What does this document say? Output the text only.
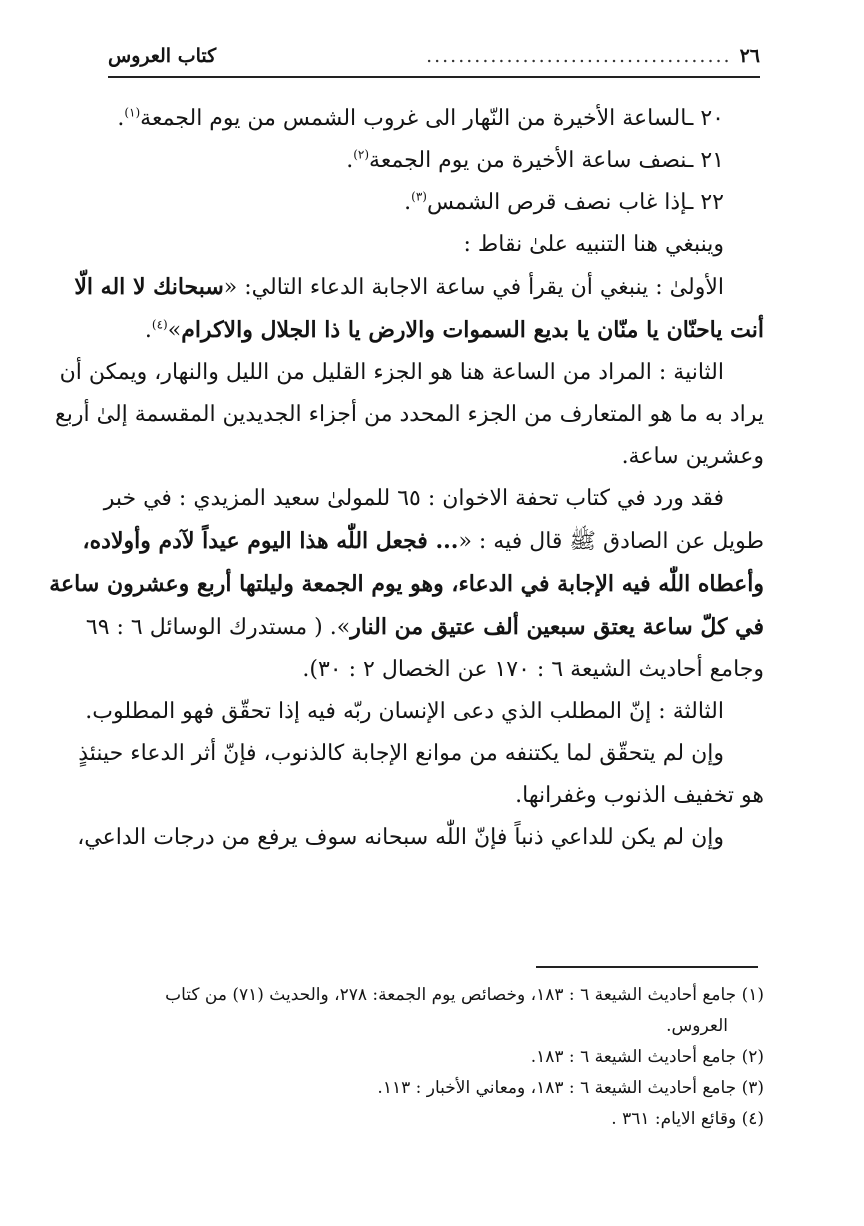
٢٦
......................................
كتاب العروس

٢٠ ـالساعة الأخيرة من النّهار الى غروب الشمس من يوم الجمعة$^{(١)}$.

٢١ ـنصف ساعة الأخيرة من يوم الجمعة$^{(٢)}$.

٢٢ ـإذا غاب نصف قرص الشمس$^{(٣)}$.

وينبغي هنا التنبيه علىٰ نقاط :

الأولىٰ : ينبغي أن يقرأ في ساعة الاجابة الدعاء التالي: «سبحانك لا اله الّا

أنت ياحنّان يا منّان يا بديع السموات والارض يا ذا الجلال والاكرام»$^{(٤)}$.

الثانية : المراد من الساعة هنا هو الجزء القليل من الليل والنهار، ويمكن أن

يراد به ما هو المتعارف من الجزء المحدد من أجزاء الجديدين المقسمة إلىٰ أربع

وعشرين ساعة.

فقد ورد في كتاب تحفة الاخوان : ٦٥ للمولىٰ سعيد المزيدي : في خبر

طويل عن الصادق ﷺ قال فيه : «... فجعل اللّٰه هذا اليوم عيداً لآدم وأولاده،

وأعطاه اللّٰه فيه الإجابة في الدعاء، وهو يوم الجمعة وليلتها أربع وعشرون ساعة

في كلّ ساعة يعتق سبعين ألف عتيق من النار». ( مستدرك الوسائل ٦ : ٦٩

وجامع أحاديث الشيعة ٦ : ١٧٠ عن الخصال ٢ : ٣٠).

الثالثة : إنّ المطلب الذي دعى الإنسان ربّه فيه إذا تحقّق فهو المطلوب.

وإن لم يتحقّق لما يكتنفه من موانع الإجابة كالذنوب، فإنّ أثر الدعاء حينئذٍ

هو تخفيف الذنوب وغفرانها.

وإن لم يكن للداعي ذنباً فإنّ اللّٰه سبحانه سوف يرفع من درجات الداعي،

(١) جامع أحاديث الشيعة ٦ : ١٨٣، وخصائص يوم الجمعة: ٢٧٨، والحديث (٧١) من كتاب

العروس.

(٢) جامع أحاديث الشيعة ٦ : ١٨٣.

(٣) جامع أحاديث الشيعة ٦ : ١٨٣، ومعاني الأخبار : ١١٣.

(٤) وقائع الايام: ٣٦١ .
